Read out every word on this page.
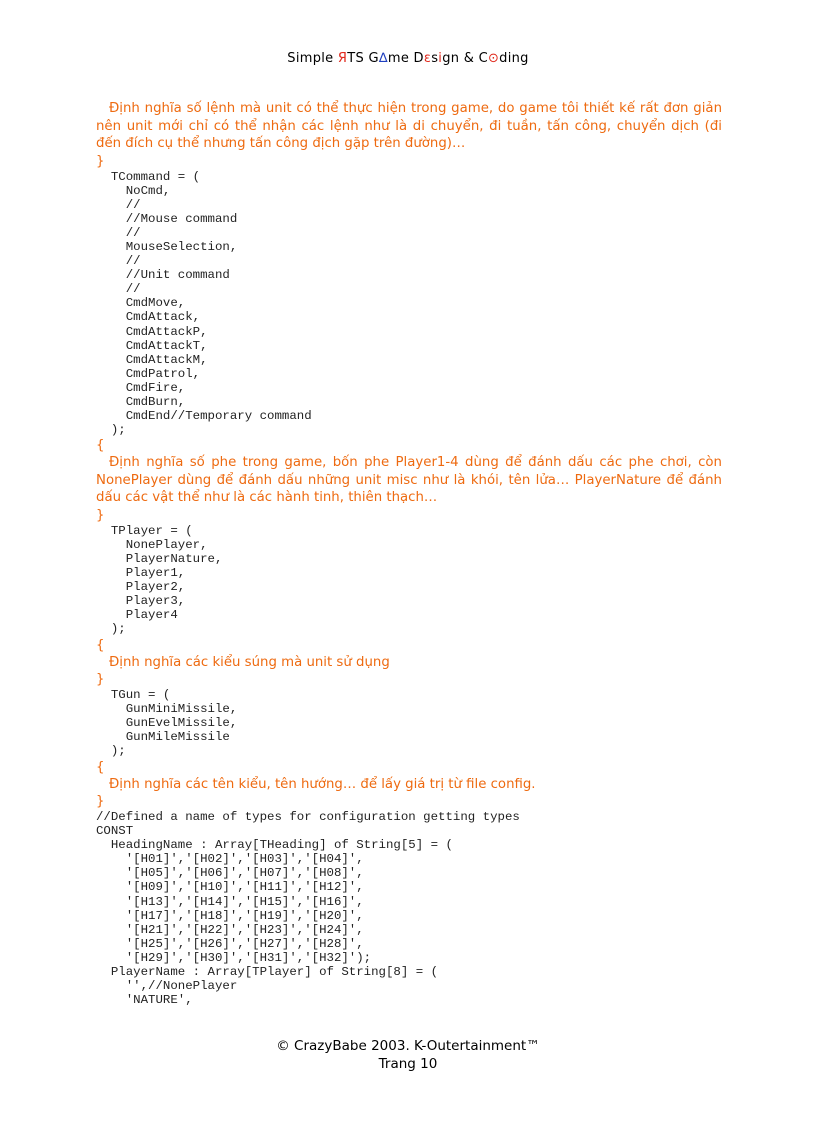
Simple ЯTS G∆me Dεsign & C⊙ding

Định nghĩa số lệnh mà unit có thể thực hiện trong game, do game tôi thiết kế rất đơn giản nên unit mới chỉ có thể nhận các lệnh như là di chuyển, đi tuần, tấn công, chuyển dịch (đi đến đích cụ thể nhưng tấn công địch gặp trên đường)…

}
TCommand = (
NoCmd,
//
//Mouse command
//
MouseSelection,
//
//Unit command
//
CmdMove,
CmdAttack,
CmdAttackP,
CmdAttackT,
CmdAttackM,
CmdPatrol,
CmdFire,
CmdBurn,
CmdEnd//Temporary command
);
{

Định nghĩa số phe trong game, bốn phe Player1-4 dùng để đánh dấu các phe chơi, còn NonePlayer dùng để đánh dấu những unit misc như là khói, tên lửa… PlayerNature để đánh dấu các vật thể như là các hành tinh, thiên thạch…

}
TPlayer = (
NonePlayer,
PlayerNature,
Player1,
Player2,
Player3,
Player4
);
{

Định nghĩa các kiểu súng mà unit sử dụng

}
TGun = (
GunMiniMissile,
GunEvelMissile,
GunMileMissile
);
{

Định nghĩa các tên kiểu, tên hướng… để lấy giá trị từ file config.

}
//Defined a name of types for configuration getting types
CONST
HeadingName : Array[THeading] of String[5] = (
'[H01]','[H02]','[H03]','[H04]',
'[H05]','[H06]','[H07]','[H08]',
'[H09]','[H10]','[H11]','[H12]',
'[H13]','[H14]','[H15]','[H16]',
'[H17]','[H18]','[H19]','[H20]',
'[H21]','[H22]','[H23]','[H24]',
'[H25]','[H26]','[H27]','[H28]',
'[H29]','[H30]','[H31]','[H32]');
PlayerName : Array[TPlayer] of String[8] = (
'',//NonePlayer
'NATURE',
© CrazyBabe 2003. K-Outertainment™
Trang 10
